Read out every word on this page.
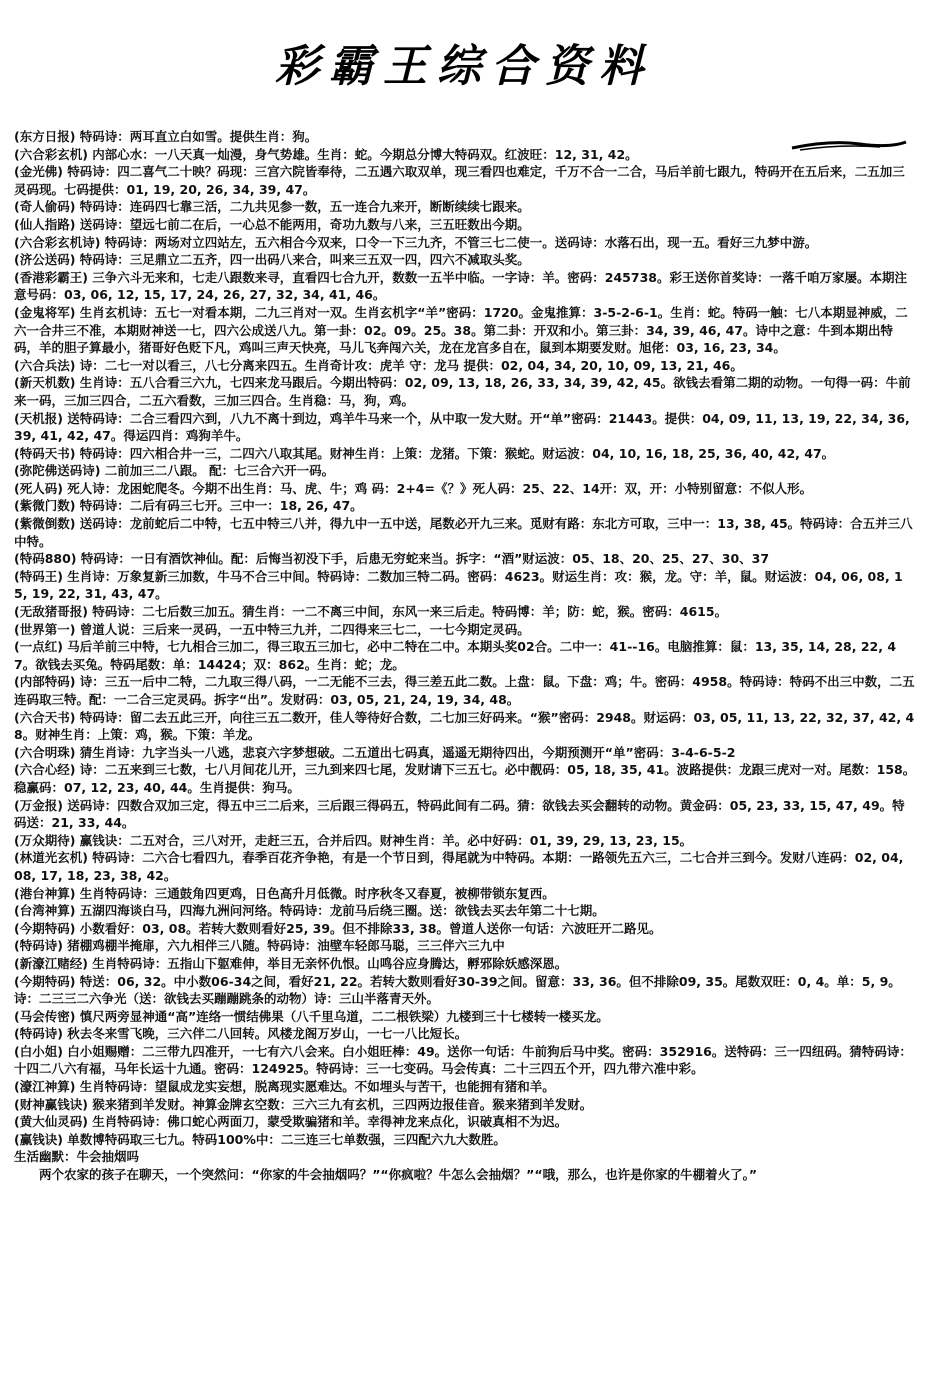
彩霸王综合资料

(东方日报) 特码诗：两耳直立白如雪。提供生肖：狗。

(六合彩玄机) 内部心水：一八天真一灿漫，身气势雄。生肖：蛇。今期总分博大特码双。红波旺：12, 31, 42。

(金光佛) 特码诗：四二喜气二十映？码现：三宫六院皆奉待，二五遇六取双单，现三看四也难定，千万不合一二合，马后羊前七跟九，特码开在五后来，二五加三灵码现。七码提供：01, 19, 20, 26, 34, 39, 47。

(奇人偷码) 特码诗：连码四七靠三活，二九共见参一数，五一连合九来开，断断续续七跟来。

(仙人指路) 送码诗：望远七前二在后，一心总不能两用，奇功九数与八来，三五旺数出今期。

(六合彩玄机诗) 特码诗：两场对立四站左，五六相合今双来，口令一下三九齐，不管三七二使一。送码诗：水落石出，现一五。看好三九梦中游。

(济公送码) 特码诗：三足鼎立二五齐，四一出码八来合，叫来三五双一四，四六不减取头奖。

(香港彩霸王) 三争六斗无来和，七走八跟数来寻，直看四七合九开，数数一五半中临。一字诗：羊。密码：245738。彩王送你首奖诗：一落千咱万家屡。本期注意号码：03, 06, 12, 15, 17, 24, 26, 27, 32, 34, 41, 46。

(金鬼将军) 生肖玄机诗：五七一对看本期，二九三肖对一双。生肖玄机字“羊”密码：1720。金鬼推算：3-5-2-6-1。生肖：蛇。特码一触：七八本期显神威，二六一合井三不准，本期财神送一七，四六公成送八九。第一卦：02。09。25。38。第二卦：开双和小。第三卦：34, 39, 46, 47。诗中之意：牛到本期出特码，羊的胆子算最小，猪哥好色贬下凡，鸡叫三声天快亮，马儿飞奔闯六关，龙在龙宫多自在，鼠到本期要发财。旭佬：03, 16, 23, 34。

(六合兵法) 诗：二七一对以看三，八七分离来四五。生肖奇计攻：虎羊 守：龙马 提供：02, 04, 34, 20, 10, 09, 13, 21, 46。

(新天机数) 生肖诗：五八合看三六九，七四来龙马跟后。今期出特码：02, 09, 13, 18, 26, 33, 34, 39, 42, 45。欲钱去看第二期的动物。一句得一码：牛前来一码，三加三四合，二五六看数，三加三四合。生肖稳：马，狗，鸡。

(天机报) 送特码诗：二合三看四六到，八九不离十到边，鸡羊牛马来一个，从中取一发大财。开“单”密码：21443。提供：04, 09, 11, 13, 19, 22, 34, 36, 39, 41, 42, 47。得运四肖：鸡狗羊牛。

(特码天书) 特码诗：四六相合井一三，二四六八取其尾。财神生肖：上策：龙猪。下策：猴蛇。财运波：04, 10, 16, 18, 25, 36, 40, 42, 47。

(弥陀佛送码诗) 二前加三二八跟。 配：七三合六开一码。

(死人码) 死人诗：龙困蛇爬冬。今期不出生肖：马、虎、牛；鸡 码：2+4=《？》死人码：25、22、14开：双，开：小特别留意：不似人形。

(紫微门数) 特码诗：二后有码三七开。三中一：18, 26, 47。

(紫微倒数) 送码诗：龙前蛇后二中特，七五中特三八并，得九中一五中送，尾数必开九三来。觅财有路：东北方可取，三中一：13, 38, 45。特码诗：合五并三八中特。

(特码880) 特码诗：一日有酒饮神仙。配：后悔当初没下手，后患无穷蛇来当。拆字：“酒”财运波：05、18、20、25、27、30、37

(特码王) 生肖诗：万象复新三加数，牛马不合三中间。特码诗：二数加三特二码。密码：4623。财运生肖：攻：猴，龙。守：羊，鼠。财运波：04, 06, 08, 15, 19, 22, 31, 43, 47。

(无敌猪哥报) 特码诗：二七后数三加五。猜生肖：一二不离三中间，东风一来三后走。特码博：羊；防：蛇，猴。密码：4615。

(世界第一) 曾道人说：三后来一灵码，一五中特三九并，二四得来三七二，一七今期定灵码。

(一点红) 马后羊前三中特，七九相合三加二，得三取五三加七，必中二特在二中。本期头奖02合。二中一：41--16。电脑推算：鼠：13, 35, 14, 28, 22, 47。欲钱去买兔。特码尾数：单：14424；双：862。生肖：蛇；龙。

(内部特码) 诗：三五一后中二特，二九取三得八码，一二无能不三去，得三差五此二数。上盘：鼠。下盘：鸡；牛。密码：4958。特码诗：特码不出三中数，二五连码取三特。配：一二合三定灵码。拆字“出”。发财码：03, 05, 21, 24, 19, 34, 48。

(六合天书) 特码诗：留二去五此三开，向往三五二数开，佳人等待好合数，二七加三好码来。“猴”密码：2948。财运码：03, 05, 11, 13, 22, 32, 37, 42, 48。财神生肖：上策：鸡，猴。下策：羊龙。

(六合明珠) 猜生肖诗：九字当头一八逃，悲哀六字梦想破。二五道出七码真，遥遥无期待四出，今期预测开“单”密码：3-4-6-5-2

(六合心经) 诗：二五来到三七数，七八月间花儿开，三九到来四七尾，发财请下三五七。必中靓码：05, 18, 35, 41。波路提供：龙跟三虎对一对。尾数：158。稳赢码：07, 12, 23, 40, 44。生肖提供：狗马。

(万金报) 送码诗：四数合双加三定，得五中三二后来，三后跟三得码五，特码此间有二码。猜：欲钱去买会翻转的动物。黄金码：05, 23, 33, 15, 47, 49。特码送：21, 33, 44。

(万众期待) 赢钱诀：二五对合，三八对开，走赶三五，合并后四。财神生肖：羊。必中好码：01, 39, 29, 13, 23, 15。

(林道光玄机) 特码诗：二六合七看四九，春季百花齐争艳，有是一个节日到，得尾就为中特码。本期：一路领先五六三，二七合并三到今。发财八连码：02, 04, 08, 17, 18, 23, 38, 42。

(港台神算) 生肖特码诗：三通鼓角四更鸡，日色高升月低微。时序秋冬又春夏，被柳带锁东复西。

(台湾神算) 五湖四海谈白马，四海九洲问河络。特码诗：龙前马后绕三圈。送：欲钱去买去年第二十七期。

(今期特码) 小数看好：03, 08。若转大数则看好25, 39。但不排除33, 38。曾道人送你一句话：六波旺开二路见。

(特码诗) 猪棚鸡棚半掩扉，六九相伴三八随。特码诗：油壁车轻郎马聪，三三伴六三九中

(新濠江赌经) 生肖特码诗：五指山下躯难伸，举目无亲怀仇恨。山鸣谷应身腾达，孵邪除妖感深恩。

(今期特码) 特送：06, 32。中小数06-34之间，看好21, 22。若转大数则看好30-39之间。留意：33, 36。但不排除09, 35。尾数双旺：0, 4。单：5, 9。诗：二三三二六争光（送：欲钱去买蹦蹦跳条的动物）诗：三山半落青天外。

(马会传密) 慎尺两旁显神通“高”连络一惯结佛果（八千里乌道，二二根铁梁）九楼到三十七楼转一楼买龙。

(特码诗) 秋去冬来雪飞晚，三六伴二八回转。风楼龙阁万岁山，一七一八比短长。

(白小姐) 白小姐赐赠：二三带九四准开，一七有六八会来。白小姐旺棒：49。送你一句话：牛前狗后马中奖。密码：352916。送特码：三一四纽码。猜特码诗：十四二八六有福，马年长运十九通。密码：124925。特码诗：三一七变码。马会传真：二十三四五个开，四九带六准中彩。

(濠江神算) 生肖特码诗：望鼠成龙实妄想，脱离现实愿难达。不如埋头与苦干，也能拥有猪和羊。

(财神赢钱诀) 猴来猪到羊发财。神算金牌玄空数：三六三九有玄机，三四两边报佳音。猴来猪到羊发财。

(黄大仙灵码) 生肖特码诗：佛口蛇心两面刀，蒙受欺骗猪和羊。幸得神龙来点化，识破真相不为迟。

(赢钱诀) 单数博特码取三七九。特码100%中：二三连三七单数强，三四配六九大数胜。

生活幽默：牛会抽烟吗

两个农家的孩子在聊天，一个突然问：“你家的牛会抽烟吗？”“你疯啦？牛怎么会抽烟？”“哦，那么，也许是你家的牛棚着火了。”
